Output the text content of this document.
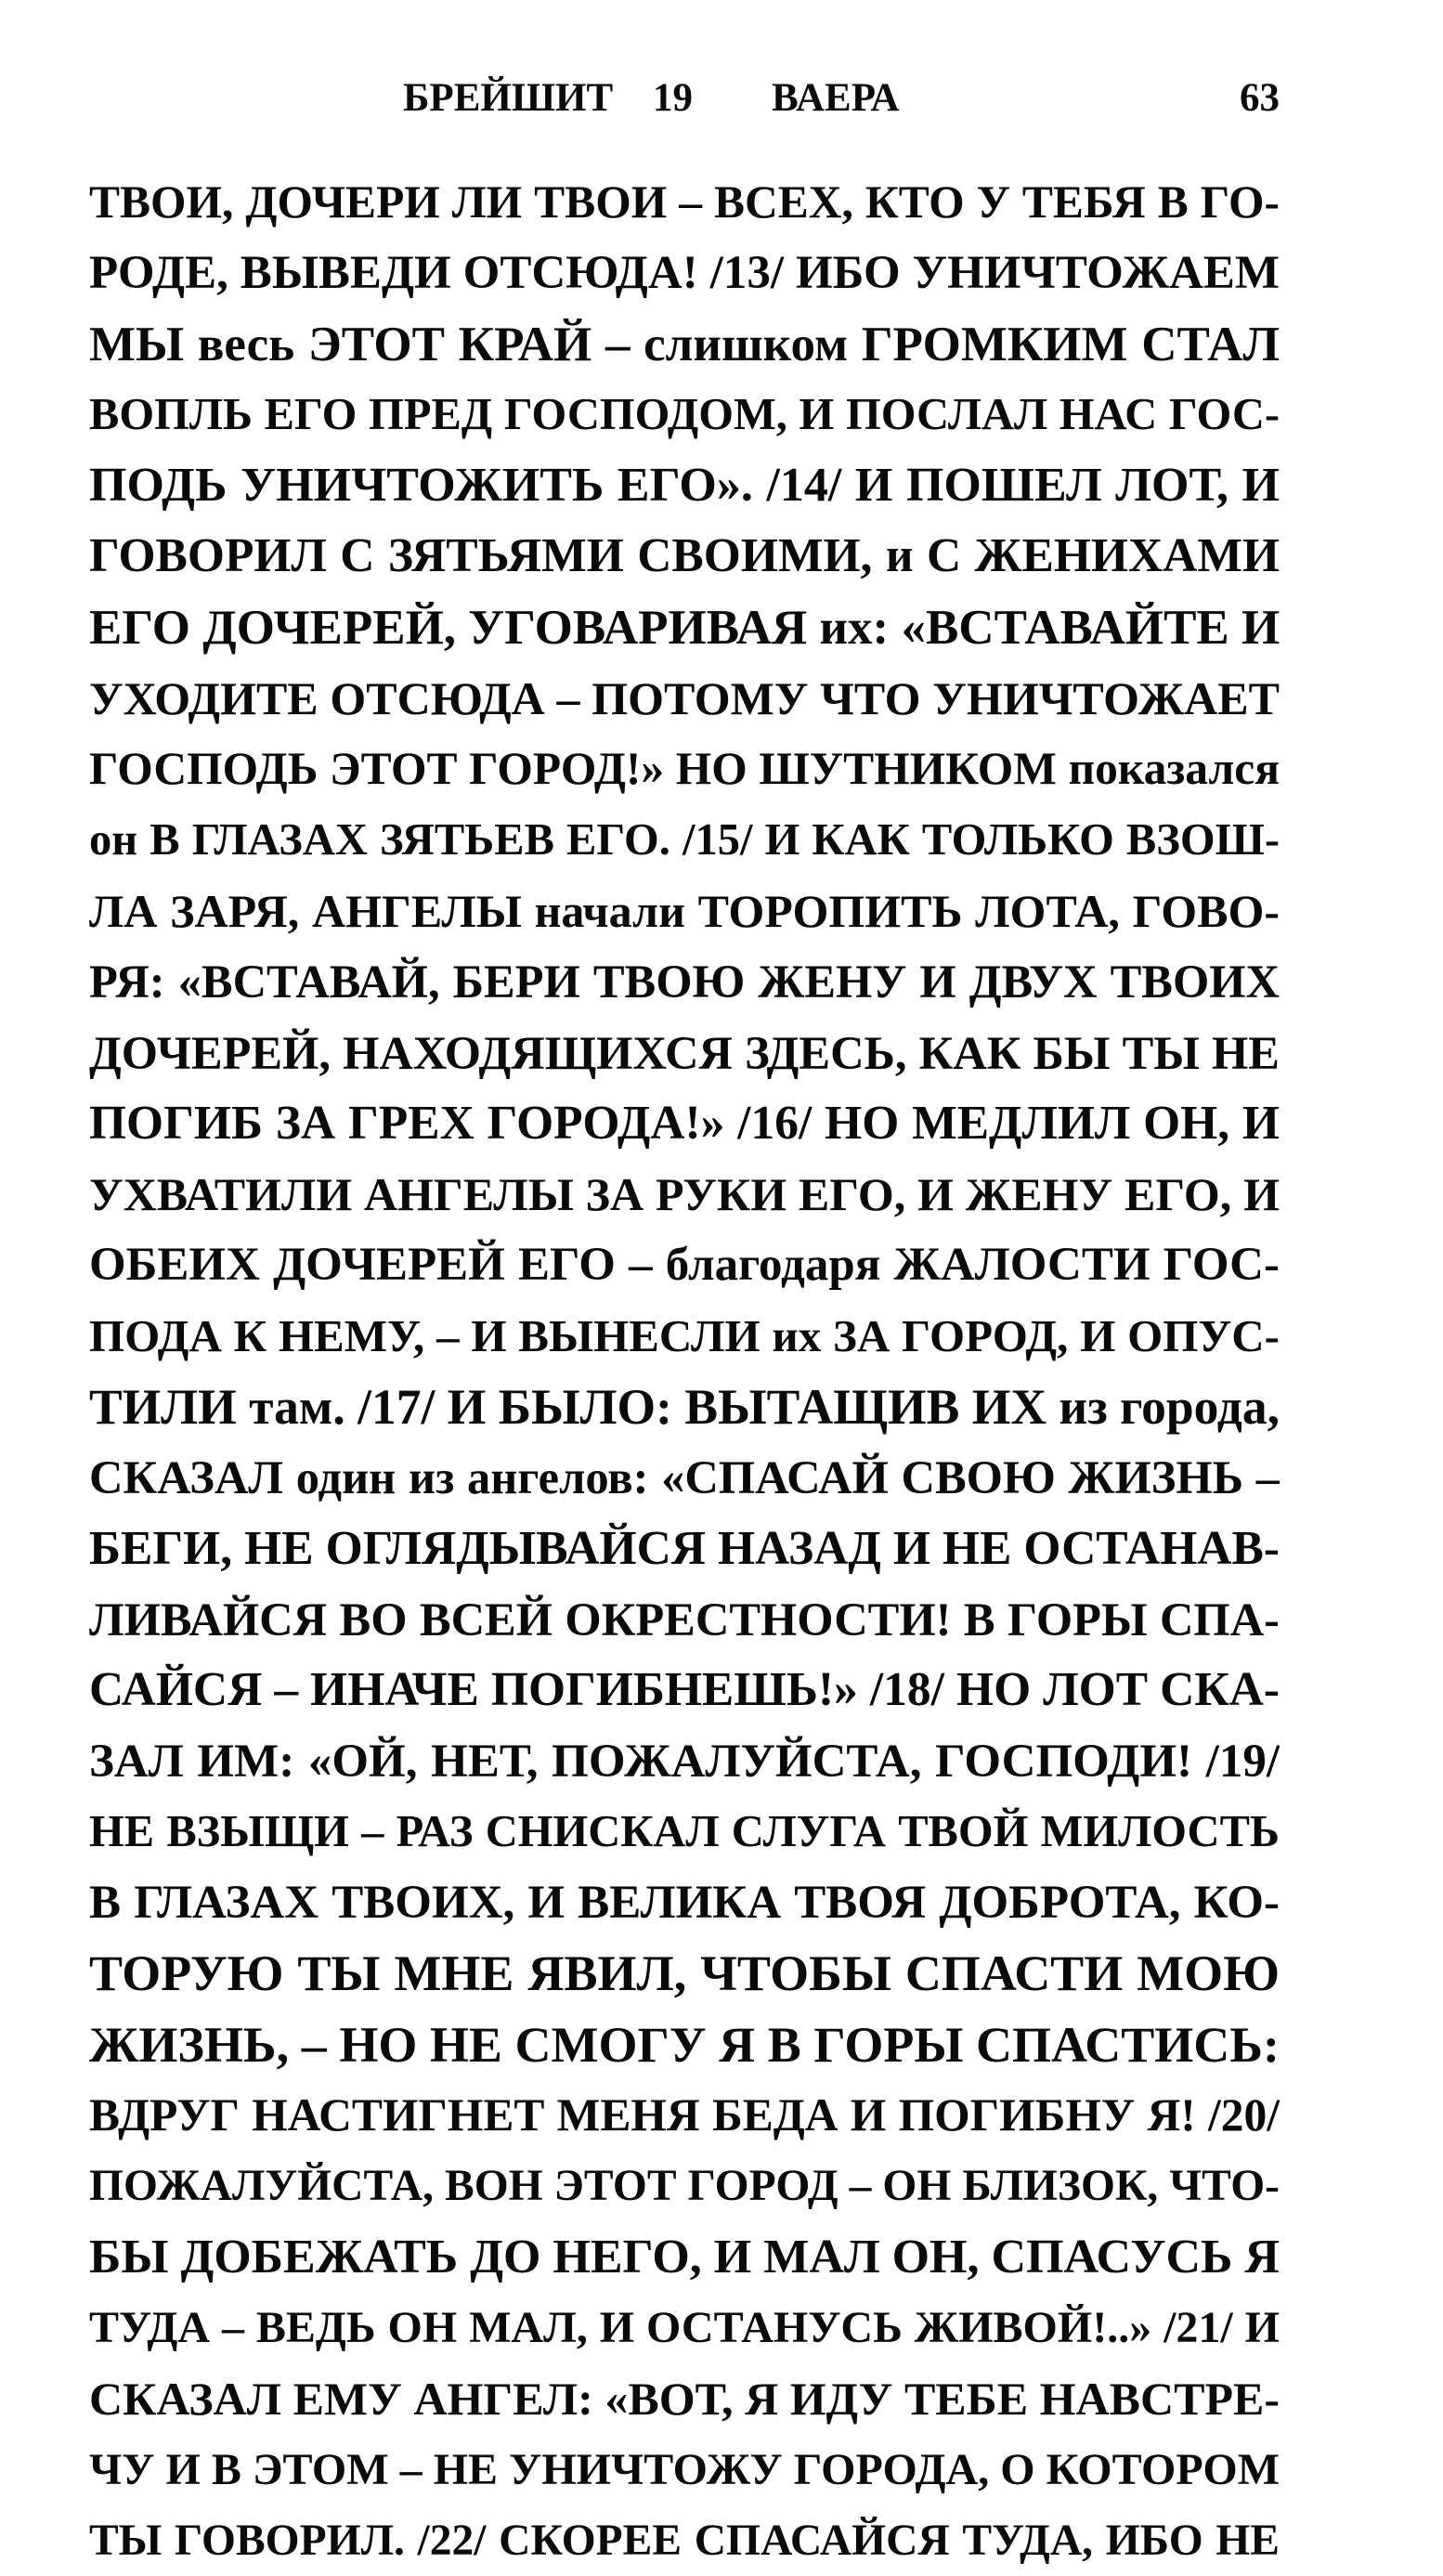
БРЕЙШИТ 19 ВАЕРА	63
ТВОИ, ДОЧЕРИ ЛИ ТВОИ – ВСЕХ, КТО У ТЕБЯ В ГО-
РОДЕ, ВЫВЕДИ ОТСЮДА! /13/ ИБО УНИЧТОЖАЕМ
МЫ весь ЭТОТ КРАЙ – слишком ГРОМКИМ СТАЛ
ВОПЛЬ ЕГО ПРЕД ГОСПОДОМ, И ПОСЛАЛ НАС ГОС-
ПОДЬ УНИЧТОЖИТЬ ЕГО». /14/ И ПОШЕЛ ЛОТ, И
ГОВОРИЛ С ЗЯТЬЯМИ СВОИМИ, и С ЖЕНИХАМИ
ЕГО ДОЧЕРЕЙ, УГОВАРИВАЯ их: «ВСТАВАЙТЕ И
УХОДИТЕ ОТСЮДА – ПОТОМУ ЧТО УНИЧТОЖАЕТ
ГОСПОДЬ ЭТОТ ГОРОД!» НО ШУТНИКОМ показался
он В ГЛАЗАХ ЗЯТЬЕВ ЕГО. /15/ И КАК ТОЛЬКО ВЗОШ-
ЛА ЗАРЯ, АНГЕЛЫ начали ТОРОПИТЬ ЛОТА, ГОВО-
РЯ: «ВСТАВАЙ, БЕРИ ТВОЮ ЖЕНУ И ДВУХ ТВОИХ
ДОЧЕРЕЙ, НАХОДЯЩИХСЯ ЗДЕСЬ, КАК БЫ ТЫ НЕ
ПОГИБ ЗА ГРЕХ ГОРОДА!» /16/ НО МЕДЛИЛ ОН, И
УХВАТИЛИ АНГЕЛЫ ЗА РУКИ ЕГО, И ЖЕНУ ЕГО, И
ОБЕИХ ДОЧЕРЕЙ ЕГО – благодаря ЖАЛОСТИ ГОС-
ПОДА К НЕМУ, – И ВЫНЕСЛИ их ЗА ГОРОД, И ОПУС-
ТИЛИ там. /17/ И БЫЛО: ВЫТАЩИВ ИХ из города,
СКАЗАЛ один из ангелов: «СПАСАЙ СВОЮ ЖИЗНЬ –
БЕГИ, НЕ ОГЛЯДЫВАЙСЯ НАЗАД И НЕ ОСТАНАВ-
ЛИВАЙСЯ ВО ВСЕЙ ОКРЕСТНОСТИ! В ГОРЫ СПА-
САЙСЯ – ИНАЧЕ ПОГИБНЕШЬ!» /18/ НО ЛОТ СКА-
ЗАЛ ИМ: «ОЙ, НЕТ, ПОЖАЛУЙСТА, ГОСПОДИ! /19/
НЕ ВЗЫЩИ – РАЗ СНИСКАЛ СЛУГА ТВОЙ МИЛОСТЬ
В ГЛАЗАХ ТВОИХ, И ВЕЛИКА ТВОЯ ДОБРОТА, КО-
ТОРУЮ ТЫ МНЕ ЯВИЛ, ЧТОБЫ СПАСТИ МОЮ
ЖИЗНЬ, – НО НЕ СМОГУ Я В ГОРЫ СПАСТИСЬ:
ВДРУГ НАСТИГНЕТ МЕНЯ БЕДА И ПОГИБНУ Я! /20/
ПОЖАЛУЙСТА, ВОН ЭТОТ ГОРОД – ОН БЛИЗОК, ЧТО-
БЫ ДОБЕЖАТЬ ДО НЕГО, И МАЛ ОН, СПАСУСЬ Я
ТУДА – ВЕДЬ ОН МАЛ, И ОСТАНУСЬ ЖИВОЙ!..» /21/ И
СКАЗАЛ ЕМУ АНГЕЛ: «ВОТ, Я ИДУ ТЕБЕ НАВСТРЕ-
ЧУ И В ЭТОМ – НЕ УНИЧТОЖУ ГОРОДА, О КОТОРОМ
ТЫ ГОВОРИЛ. /22/ СКОРЕЕ СПАСАЙСЯ ТУДА, ИБО НЕ
